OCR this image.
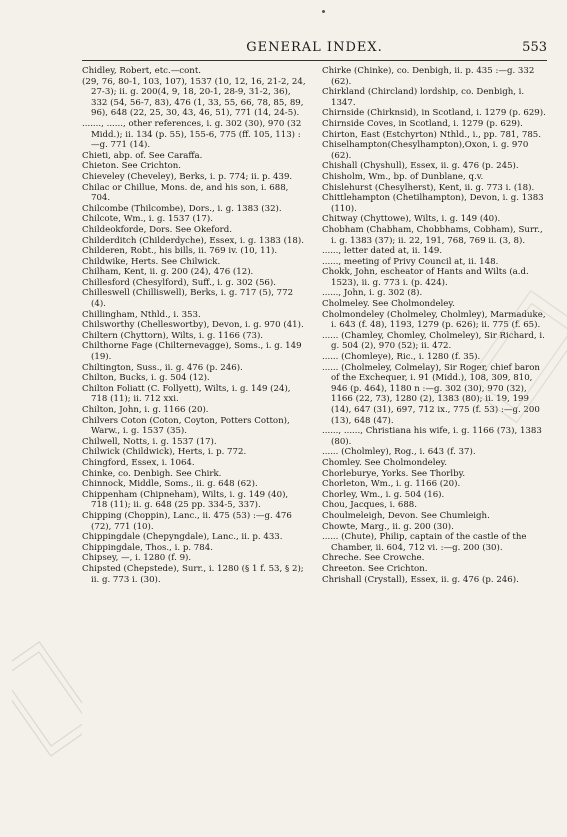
GENERAL INDEX.	553
Chidley, Robert, etc.—cont.
(29, 76, 80-1, 103, 107), 1537 (10, 12, 16, 21-2, 24, 27-3); ii. g. 200(4, 9, 18, 20-1, 28-9, 31-2, 36), 332 (54, 56-7, 83), 476 (1, 33, 55, 66, 78, 85, 89, 96), 648 (22, 25, 30, 43, 46, 51), 771 (14, 24-5).
......., ......, other references, i. g. 302 (30), 970 (32 Midd.); ii. 134 (p. 55), 155-6, 775 (ff. 105, 113) :—g. 771 (14).
Chieti, abp. of. See Caraffa.
Chieton. See Crichton.
Chieveley (Cheveley), Berks, i. p. 774; ii. p. 439.
Chilac or Chillue, Mons. de, and his son, i. 688, 704.
Chilcombe (Thilcombe), Dors., i. g. 1383 (32).
Chilcote, Wm., i. g. 1537 (17).
Childeokforde, Dors. See Okeford.
Childerditch (Childerdyche), Essex, i. g. 1383 (18).
Childeren, Robt., his bills, ii. 769 iv. (10, 11).
Childwike, Herts. See Chilwick.
Chilham, Kent, ii. g. 200 (24), 476 (12).
Chillesford (Chesylford), Suff., i. g. 302 (56).
Chilleswell (Chilliswell), Berks, i. g. 717 (5), 772 (4).
Chillingham, Nthld., i. 353.
Chilsworthy (Chelleswortby), Devon, i. g. 970 (41).
Chiltern (Chyttorn), Wilts, i. g. 1166 (73).
Chilthorne Fage (Chilternevagge), Soms., i. g. 149 (19).
Chiltington, Suss., ii. g. 476 (p. 246).
Chilton, Bucks, i. g. 504 (12).
Chilton Foliatt (C. Follyett), Wilts, i. g. 149 (24), 718 (11); ii. 712 xxi.
Chilton, John, i. g. 1166 (20).
Chilvers Coton (Coton, Coyton, Potters Cotton), Warw., i. g. 1537 (35).
Chilwell, Notts, i. g. 1537 (17).
Chilwick (Childwick), Herts, i. p. 772.
Chingford, Essex, i. 1064.
Chinke, co. Denbigh. See Chirk.
Chinnock, Middle, Soms., ii. g. 648 (62).
Chippenham (Chipneham), Wilts, i. g. 149 (40), 718 (11); ii. g. 648 (25 pp. 334-5, 337).
Chipping (Choppin), Lanc., ii. 475 (53) :—g. 476 (72), 771 (10).
Chippingdale (Chepyngdale), Lanc., ii. p. 433.
Chippingdale, Thos., i. p. 784.
Chipsey, —, i. 1280 (f. 9).
Chipsted (Chepstede), Surr., i. 1280 (§ 1 f. 53, § 2); ii. g. 773 i. (30).
Chirke (Chinke), co. Denbigh, ii. p. 435 :—g. 332 (62).
Chirkland (Chircland) lordship, co. Denbigh, i. 1347.
Chirnside (Chirknsid), in Scotland, i. 1279 (p. 629).
Chirnside Coves, in Scotland, i. 1279 (p. 629).
Chirton, East (Estchyrton) Nthld., i., pp. 781, 785.
Chiselhampton(Chesylhampton),Oxon, i. g. 970 (62).
Chishall (Chyshull), Essex, ii. g. 476 (p. 245).
Chisholm, Wm., bp. of Dunblane, q.v.
Chislehurst (Chesylherst), Kent, ii. g. 773 i. (18).
Chittlehampton (Chetilhampton), Devon, i. g. 1383 (110).
Chitway (Chyttowe), Wilts, i. g. 149 (40).
Chobham (Chabham, Chobbhams, Cobham), Surr., i. g. 1383 (37); ii. 22, 191, 768, 769 ii. (3, 8).
......, letter dated at, ii. 149.
......, meeting of Privy Council at, ii. 148.
Chokk, John, escheator of Hants and Wilts (a.d. 1523), ii. g. 773 i. (p. 424).
......, John, i. g. 302 (8).
Cholmeley. See Cholmondeley.
Cholmondeley (Cholmeley, Cholmley), Marmaduke, i. 643 (f. 48), 1193, 1279 (p. 626); ii. 775 (f. 65).
...... (Chamley, Chomley, Cholmeley), Sir Richard, i. g. 504 (2), 970 (52); ii. 472.
...... (Chomleye), Ric., i. 1280 (f. 35).
...... (Cholmeley, Colmelay), Sir Roger, chief baron of the Exchequer, i. 91 (Midd.), 108, 309, 810, 946 (p. 464), 1180 n :—g. 302 (30), 970 (32), 1166 (22, 73), 1280 (2), 1383 (80); ii. 19, 199 (14), 647 (31), 697, 712 ix., 775 (f. 53) :—g. 200 (13), 648 (47).
......, ......, Christiana his wife, i. g. 1166 (73), 1383 (80).
...... (Cholmley), Rog., i. 643 (f. 37).
Chomley. See Cholmondeley.
Chorleburye, Yorks. See Thorlby.
Chorleton, Wm., i. g. 1166 (20).
Chorley, Wm., i. g. 504 (16).
Chou, Jacques, i. 688.
Choulmeleigh, Devon. See Chumleigh.
Chowte, Marg., ii. g. 200 (30).
...... (Chute), Philip, captain of the castle of the Chamber, ii. 604, 712 vi. :—g. 200 (30).
Chreche. See Crowche.
Chreeton. See Crichton.
Chrishall (Crystall), Essex, ii. g. 476 (p. 246).
